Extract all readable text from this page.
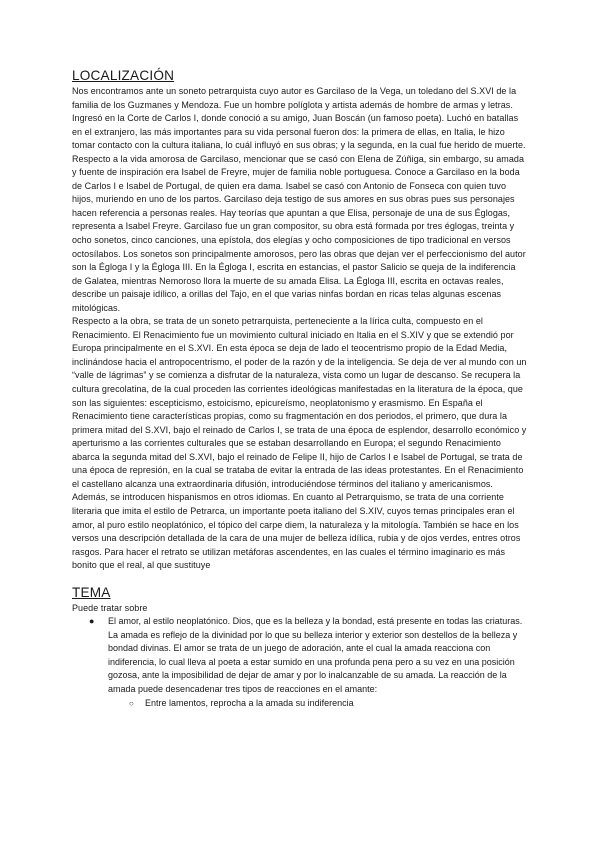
LOCALIZACIÓN

Nos encontramos ante un soneto petrarquista cuyo autor es Garcilaso de la Vega, un toledano del S.XVI de la familia de los Guzmanes y Mendoza. Fue un hombre políglota y artista además de hombre de armas y letras. Ingresó en la Corte de Carlos I, donde conoció a su amigo, Juan Boscán (un famoso poeta). Luchó en batallas en el extranjero, las más importantes para su vida personal fueron dos: la primera de ellas, en Italia, le hizo tomar contacto con la cultura italiana, lo cuál influyó en sus obras; y la segunda, en la cual fue herido de muerte. Respecto a la vida amorosa de Garcilaso, mencionar que se casó con Elena de Zúñiga, sin embargo, su amada y fuente de inspiración era Isabel de Freyre, mujer de familia noble portuguesa. Conoce a Garcilaso en la boda de Carlos I e Isabel de Portugal, de quien era dama. Isabel se casó con Antonio de Fonseca con quien tuvo hijos, muriendo en uno de los partos. Garcilaso deja testigo de sus amores en sus obras pues sus personajes hacen referencia a personas reales. Hay teorías que apuntan a que Elisa, personaje de una de sus Églogas, representa a Isabel Freyre. Garcilaso fue un gran compositor, su obra está formada por tres églogas, treinta y ocho sonetos, cinco canciones, una epístola, dos elegías y ocho composiciones de tipo tradicional en versos octosílabos. Los sonetos son principalmente amorosos, pero las obras que dejan ver el perfeccionismo del autor son la Égloga I y la Égloga III. En la Égloga I, escrita en estancias, el pastor Salicio se queja de la indiferencia de Galatea, mientras Nemoroso llora la muerte de su amada Elisa. La Égloga III, escrita en octavas reales, describe un paisaje idílico, a orillas del Tajo, en el que varias ninfas bordan en ricas telas algunas escenas mitológicas.

Respecto a la obra, se trata de un soneto petrarquista, perteneciente a la lírica culta, compuesto en el Renacimiento. El Renacimiento fue un movimiento cultural iniciado en Italia en el S.XIV y que se extendió por Europa principalmente en el S.XVI. En esta época se deja de lado el teocentrismo propio de la Edad Media, inclinándose hacia el antropocentrismo, el poder de la razón y de la inteligencia. Se deja de ver al mundo con un “valle de lágrimas” y se comienza a disfrutar de la naturaleza, vista como un lugar de descanso. Se recupera la cultura grecolatina, de la cual proceden las corrientes ideológicas manifestadas en la literatura de la época, que son las siguientes: escepticismo, estoicismo, epicureísmo, neoplatonismo y erasmismo. En España el Renacimiento tiene características propias, como su fragmentación en dos periodos, el primero, que dura la primera mitad del S.XVI, bajo el reinado de Carlos I, se trata de una época de esplendor, desarrollo económico y aperturismo a las corrientes culturales que se estaban desarrollando en Europa; el segundo Renacimiento abarca la segunda mitad del S.XVI, bajo el reinado de Felipe II, hijo de Carlos I e Isabel de Portugal, se trata de una época de represión, en la cual se trataba de evitar la entrada de las ideas protestantes. En el Renacimiento el castellano alcanza una extraordinaria difusión, introduciéndose términos del italiano y americanismos. Además, se introducen hispanismos en otros idiomas. En cuanto al Petrarquismo, se trata de una corriente literaria que imita el estilo de Petrarca, un importante poeta italiano del S.XIV, cuyos temas principales eran el amor, al puro estilo neoplatónico, el tópico del carpe diem, la naturaleza y la mitología. También se hace en los versos una descripción detallada de la cara de una mujer de belleza idílica, rubia y de ojos verdes, entres otros rasgos. Para hacer el retrato se utilizan metáforas ascendentes, en las cuales el término imaginario es más bonito que el real, al que sustituye

TEMA

Puede tratar sobre

● El amor, al estilo neoplatónico. Dios, que es la belleza y la bondad, está presente en todas las criaturas. La amada es reflejo de la divinidad por lo que su belleza interior y exterior son destellos de la belleza y bondad divinas. El amor se trata de un juego de adoración, ante el cual la amada reacciona con indiferencia, lo cual lleva al poeta a estar sumido en una profunda pena pero a su vez en una posición gozosa, ante la imposibilidad de dejar de amar y por lo inalcanzable de su amada. La reacción de la amada puede desencadenar tres tipos de reacciones en el amante:
○ Entre lamentos, reprocha a la amada su indiferencia
